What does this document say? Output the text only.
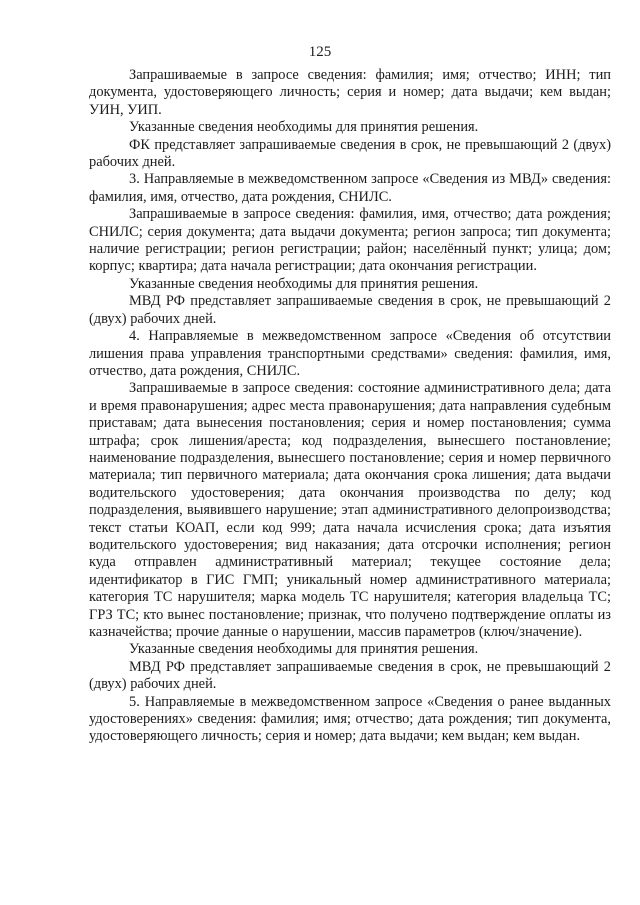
125

Запрашиваемые в запросе сведения: фамилия; имя; отчество; ИНН; тип документа, удостоверяющего личность; серия и номер; дата выдачи; кем выдан; УИН, УИП.

Указанные сведения необходимы для принятия решения.

ФК представляет запрашиваемые сведения в срок, не превышающий 2 (двух) рабочих дней.

3. Направляемые в межведомственном запросе «Сведения из МВД» сведения: фамилия, имя, отчество, дата рождения, СНИЛС.

Запрашиваемые в запросе сведения: фамилия, имя, отчество; дата рождения; СНИЛС; серия документа; дата выдачи документа; регион запроса; тип документа; наличие регистрации; регион регистрации; район; населённый пункт; улица; дом; корпус; квартира; дата начала регистрации; дата окончания регистрации.

Указанные сведения необходимы для принятия решения.

МВД РФ представляет запрашиваемые сведения в срок, не превышающий 2 (двух) рабочих дней.

4. Направляемые в межведомственном запросе «Сведения об отсутствии лишения права управления транспортными средствами» сведения: фамилия, имя, отчество, дата рождения, СНИЛС.

Запрашиваемые в запросе сведения: состояние административного дела; дата и время правонарушения; адрес места правонарушения; дата направления судебным приставам; дата вынесения постановления; серия и номер постановления; сумма штрафа; срок лишения/ареста; код подразделения, вынесшего постановление; наименование подразделения, вынесшего постановление; серия и номер первичного материала; тип первичного материала; дата окончания срока лишения; дата выдачи водительского удостоверения; дата окончания производства по делу; код подразделения, выявившего нарушение; этап административного делопроизводства; текст статьи КОАП, если код 999; дата начала исчисления срока; дата изъятия водительского удостоверения; вид наказания; дата отсрочки исполнения; регион куда отправлен административный материал; текущее состояние дела; идентификатор в ГИС ГМП; уникальный номер административного материала; категория ТС нарушителя; марка модель ТС нарушителя; категория владельца ТС; ГРЗ ТС; кто вынес постановление; признак, что получено подтверждение оплаты из казначейства; прочие данные о нарушении, массив параметров (ключ/значение).

Указанные сведения необходимы для принятия решения.

МВД РФ представляет запрашиваемые сведения в срок, не превышающий 2 (двух) рабочих дней.

5. Направляемые в межведомственном запросе «Сведения о ранее выданных удостоверениях» сведения: фамилия; имя; отчество; дата рождения; тип документа, удостоверяющего личность; серия и номер; дата выдачи; кем выдан; кем выдан.
